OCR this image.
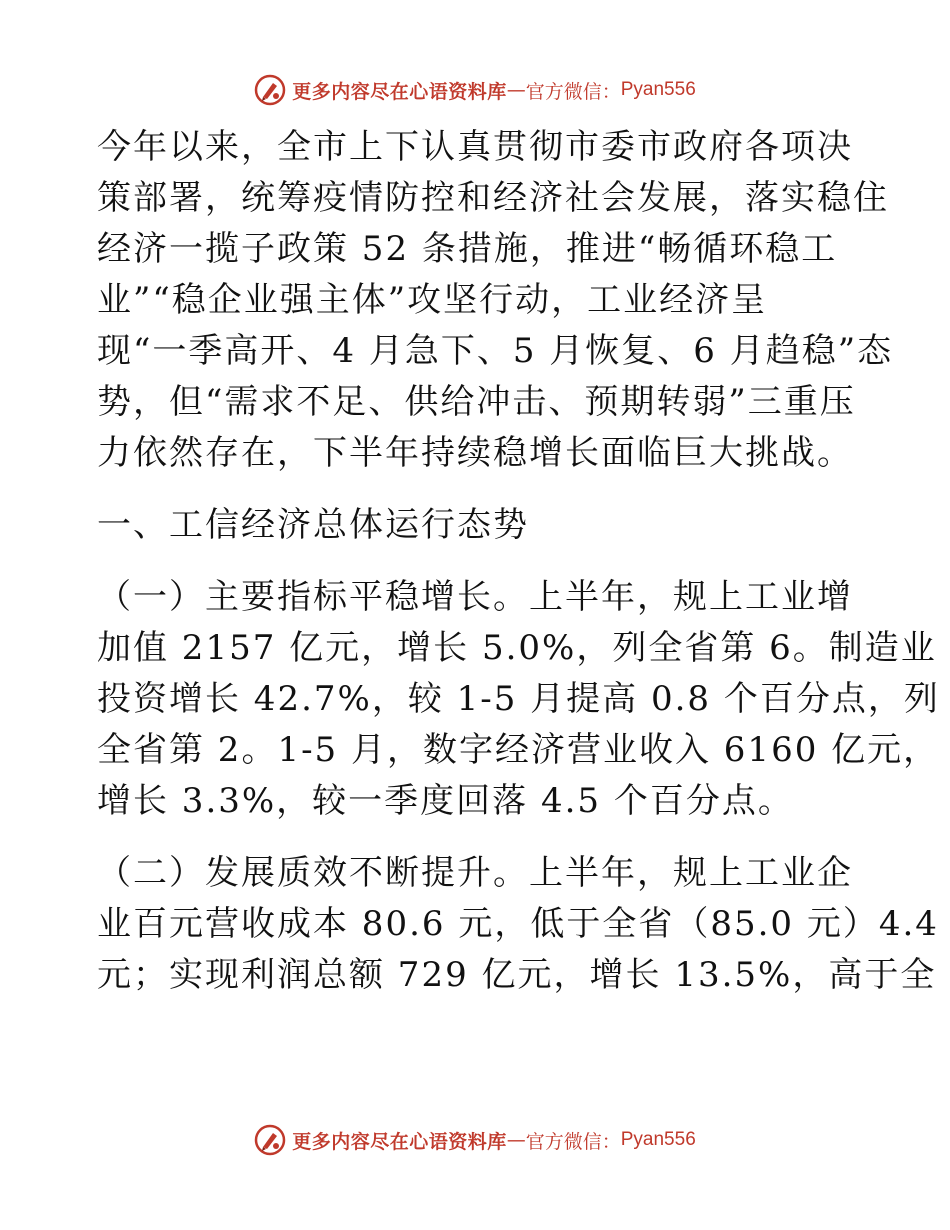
更多内容尽在心语资料库 — 官方微信： Pyan556
今年以来，全市上下认真贯彻市委市政府各项决
策部署，统筹疫情防控和经济社会发展，落实稳住
经济一揽子政策 52 条措施，推进“畅循环稳工
业”“稳企业强主体”攻坚行动，工业经济呈
现“一季高开、4 月急下、5 月恢复、6 月趋稳”态
势，但“需求不足、供给冲击、预期转弱”三重压
力依然存在，下半年持续稳增长面临巨大挑战。
一、工信经济总体运行态势
（一）主要指标平稳增长。上半年，规上工业增
加值 2157 亿元，增长 5.0%，列全省第 6。制造业
投资增长 42.7%，较 1-5 月提高 0.8 个百分点，列
全省第 2。1-5 月，数字经济营业收入 6160 亿元，
增长 3.3%，较一季度回落 4.5 个百分点。
（二）发展质效不断提升。上半年，规上工业企
业百元营收成本 80.6 元，低于全省（85.0 元）4.4
元；实现利润总额 729 亿元，增长 13.5%，高于全
更多内容尽在心语资料库 — 官方微信： Pyan556
